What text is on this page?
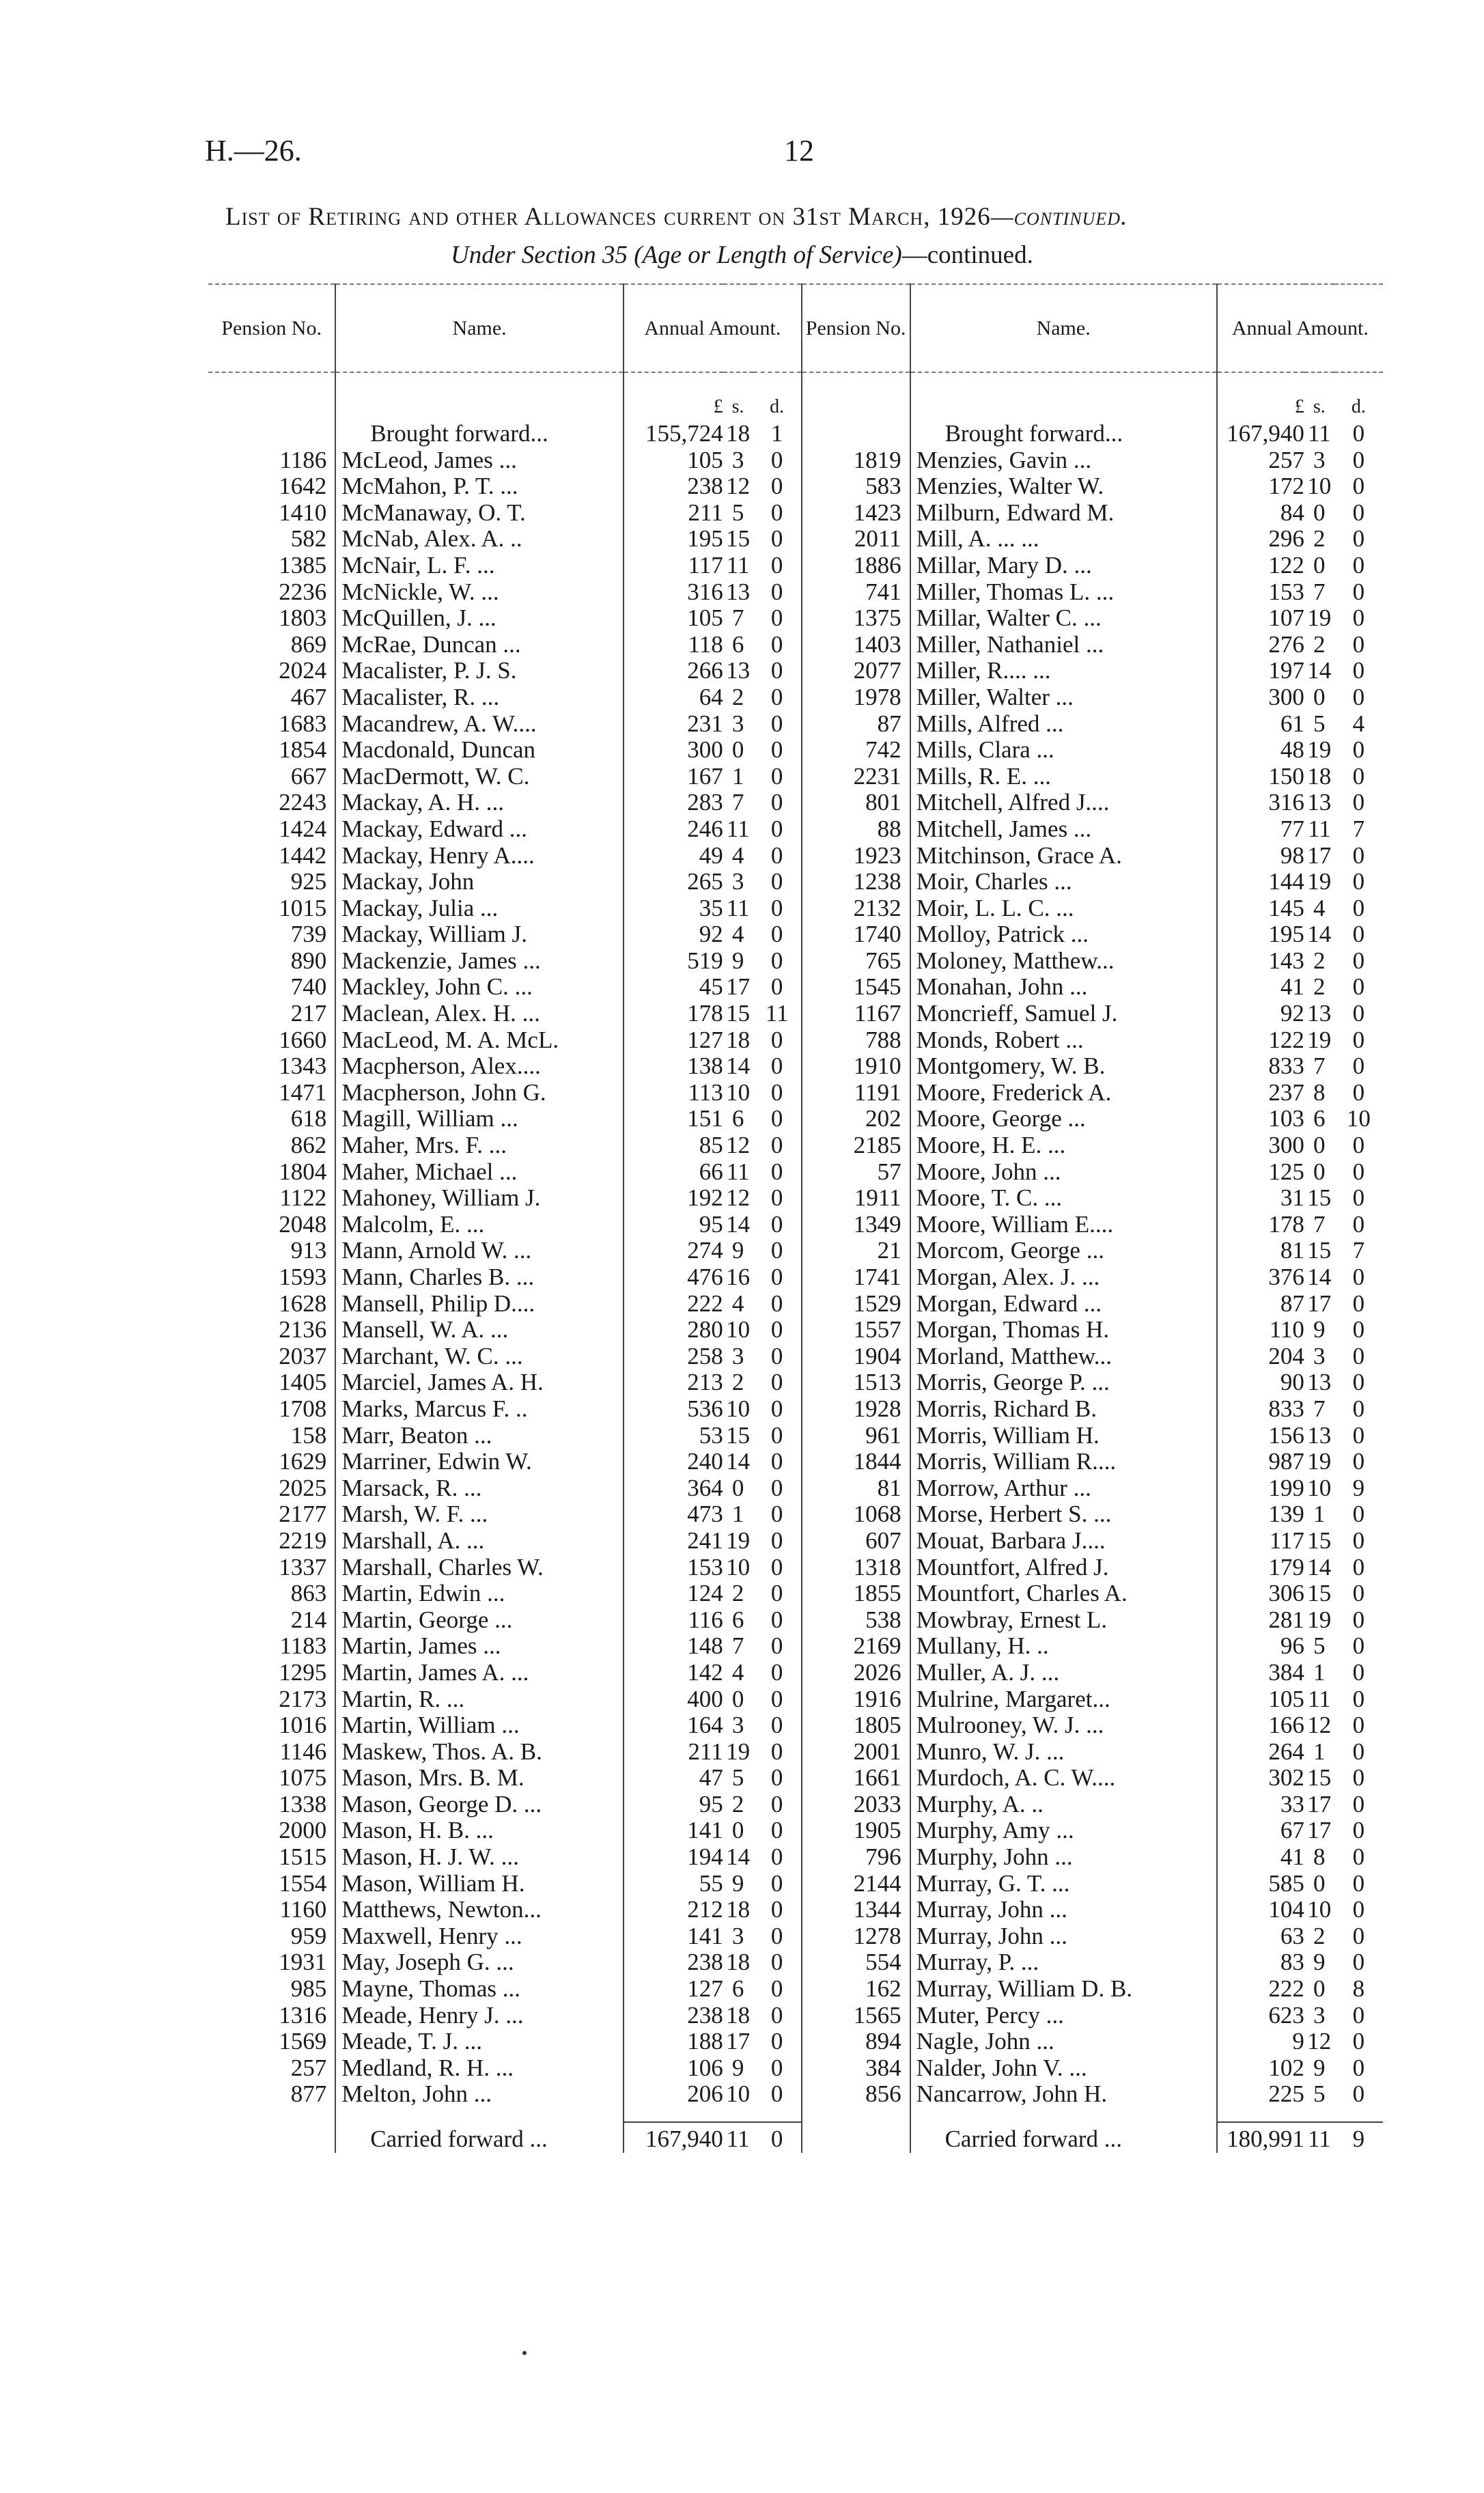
H.—26.	12
List of Retiring and other Allowances current on 31st March, 1926—continued.
Under Section 35 (Age or Length of Service)—continued.
Pension No.	Name.	Annual Amount.			Pension No.	Name.	Annual Amount.		
		£	s.	d.			£	s.	d.
	Brought forward...	155,724	18	1		Brought forward...	167,940	11	0
1186	McLeod, James ...	105	3	0	1819	Menzies, Gavin ...	257	3	0
1642	McMahon, P. T. ...	238	12	0	583	Menzies, Walter W.	172	10	0
1410	McManaway, O. T.	211	5	0	1423	Milburn, Edward M.	84	0	0
582	McNab, Alex. A. ..	195	15	0	2011	Mill, A. ... ...	296	2	0
1385	McNair, L. F. ...	117	11	0	1886	Millar, Mary D. ...	122	0	0
2236	McNickle, W. ...	316	13	0	741	Miller, Thomas L. ...	153	7	0
1803	McQuillen, J. ...	105	7	0	1375	Millar, Walter C. ...	107	19	0
869	McRae, Duncan ...	118	6	0	1403	Miller, Nathaniel ...	276	2	0
2024	Macalister, P. J. S.	266	13	0	2077	Miller, R.... ...	197	14	0
467	Macalister, R. ...	64	2	0	1978	Miller, Walter ...	300	0	0
1683	Macandrew, A. W....	231	3	0	87	Mills, Alfred ...	61	5	4
1854	Macdonald, Duncan	300	0	0	742	Mills, Clara ...	48	19	0
667	MacDermott, W. C.	167	1	0	2231	Mills, R. E. ...	150	18	0
2243	Mackay, A. H. ...	283	7	0	801	Mitchell, Alfred J....	316	13	0
1424	Mackay, Edward ...	246	11	0	88	Mitchell, James ...	77	11	7
1442	Mackay, Henry A....	49	4	0	1923	Mitchinson, Grace A.	98	17	0
925	Mackay, John	265	3	0	1238	Moir, Charles ...	144	19	0
1015	Mackay, Julia ...	35	11	0	2132	Moir, L. L. C. ...	145	4	0
739	Mackay, William J.	92	4	0	1740	Molloy, Patrick ...	195	14	0
890	Mackenzie, James ...	519	9	0	765	Moloney, Matthew...	143	2	0
740	Mackley, John C. ...	45	17	0	1545	Monahan, John ...	41	2	0
217	Maclean, Alex. H. ...	178	15	11	1167	Moncrieff, Samuel J.	92	13	0
1660	MacLeod, M. A. McL.	127	18	0	788	Monds, Robert ...	122	19	0
1343	Macpherson, Alex....	138	14	0	1910	Montgomery, W. B.	833	7	0
1471	Macpherson, John G.	113	10	0	1191	Moore, Frederick A.	237	8	0
618	Magill, William ...	151	6	0	202	Moore, George ...	103	6	10
862	Maher, Mrs. F. ...	85	12	0	2185	Moore, H. E. ...	300	0	0
1804	Maher, Michael ...	66	11	0	57	Moore, John ...	125	0	0
1122	Mahoney, William J.	192	12	0	1911	Moore, T. C. ...	31	15	0
2048	Malcolm, E. ...	95	14	0	1349	Moore, William E....	178	7	0
913	Mann, Arnold W. ...	274	9	0	21	Morcom, George ...	81	15	7
1593	Mann, Charles B. ...	476	16	0	1741	Morgan, Alex. J. ...	376	14	0
1628	Mansell, Philip D....	222	4	0	1529	Morgan, Edward ...	87	17	0
2136	Mansell, W. A. ...	280	10	0	1557	Morgan, Thomas H.	110	9	0
2037	Marchant, W. C. ...	258	3	0	1904	Morland, Matthew...	204	3	0
1405	Marciel, James A. H.	213	2	0	1513	Morris, George P. ...	90	13	0
1708	Marks, Marcus F. ..	536	10	0	1928	Morris, Richard B.	833	7	0
158	Marr, Beaton ...	53	15	0	961	Morris, William H.	156	13	0
1629	Marriner, Edwin W.	240	14	0	1844	Morris, William R....	987	19	0
2025	Marsack, R. ...	364	0	0	81	Morrow, Arthur ...	199	10	9
2177	Marsh, W. F. ...	473	1	0	1068	Morse, Herbert S. ...	139	1	0
2219	Marshall, A. ...	241	19	0	607	Mouat, Barbara J....	117	15	0
1337	Marshall, Charles W.	153	10	0	1318	Mountfort, Alfred J.	179	14	0
863	Martin, Edwin ...	124	2	0	1855	Mountfort, Charles A.	306	15	0
214	Martin, George ...	116	6	0	538	Mowbray, Ernest L.	281	19	0
1183	Martin, James ...	148	7	0	2169	Mullany, H. ..	96	5	0
1295	Martin, James A. ...	142	4	0	2026	Muller, A. J. ...	384	1	0
2173	Martin, R. ...	400	0	0	1916	Mulrine, Margaret...	105	11	0
1016	Martin, William ...	164	3	0	1805	Mulrooney, W. J. ...	166	12	0
1146	Maskew, Thos. A. B.	211	19	0	2001	Munro, W. J. ...	264	1	0
1075	Mason, Mrs. B. M.	47	5	0	1661	Murdoch, A. C. W....	302	15	0
1338	Mason, George D. ...	95	2	0	2033	Murphy, A. ..	33	17	0
2000	Mason, H. B. ...	141	0	0	1905	Murphy, Amy ...	67	17	0
1515	Mason, H. J. W. ...	194	14	0	796	Murphy, John ...	41	8	0
1554	Mason, William H.	55	9	0	2144	Murray, G. T. ...	585	0	0
1160	Matthews, Newton...	212	18	0	1344	Murray, John ...	104	10	0
959	Maxwell, Henry ...	141	3	0	1278	Murray, John ...	63	2	0
1931	May, Joseph G. ...	238	18	0	554	Murray, P. ...	83	9	0
985	Mayne, Thomas ...	127	6	0	162	Murray, William D. B.	222	0	8
1316	Meade, Henry J. ...	238	18	0	1565	Muter, Percy ...	623	3	0
1569	Meade, T. J. ...	188	17	0	894	Nagle, John ...	9	12	0
257	Medland, R. H. ...	106	9	0	384	Nalder, John V. ...	102	9	0
877	Melton, John ...	206	10	0	856	Nancarrow, John H.	225	5	0

	Carried forward ...	167,940	11	0		Carried forward ...	180,991	11	9
